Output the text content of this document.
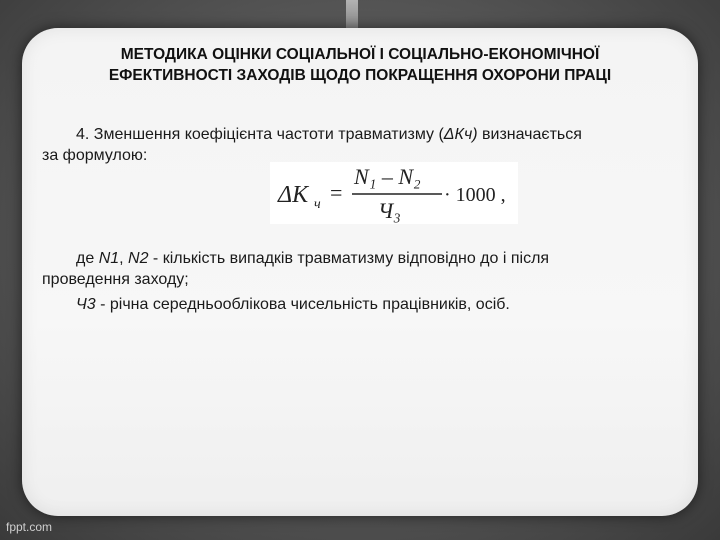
МЕТОДИКА ОЦІНКИ СОЦІАЛЬНОЇ І СОЦІАЛЬНО-ЕКОНОМІЧНОЇ
ЕФЕКТИВНОСТІ ЗАХОДІВ ЩОДО ПОКРАЩЕННЯ ОХОРОНИ ПРАЦІ
4. Зменшення коефіцієнта частоти травматизму (ΔКч) визначається
за формулою:
ΔK ч =
N₁ – N₂
Ч₃
· 1000 ,
де N1, N2 - кількість випадків травматизму відповідно до і після
проведення заходу;
Ч3 - річна середньооблікова чисельність працівників, осіб.
fppt.com
